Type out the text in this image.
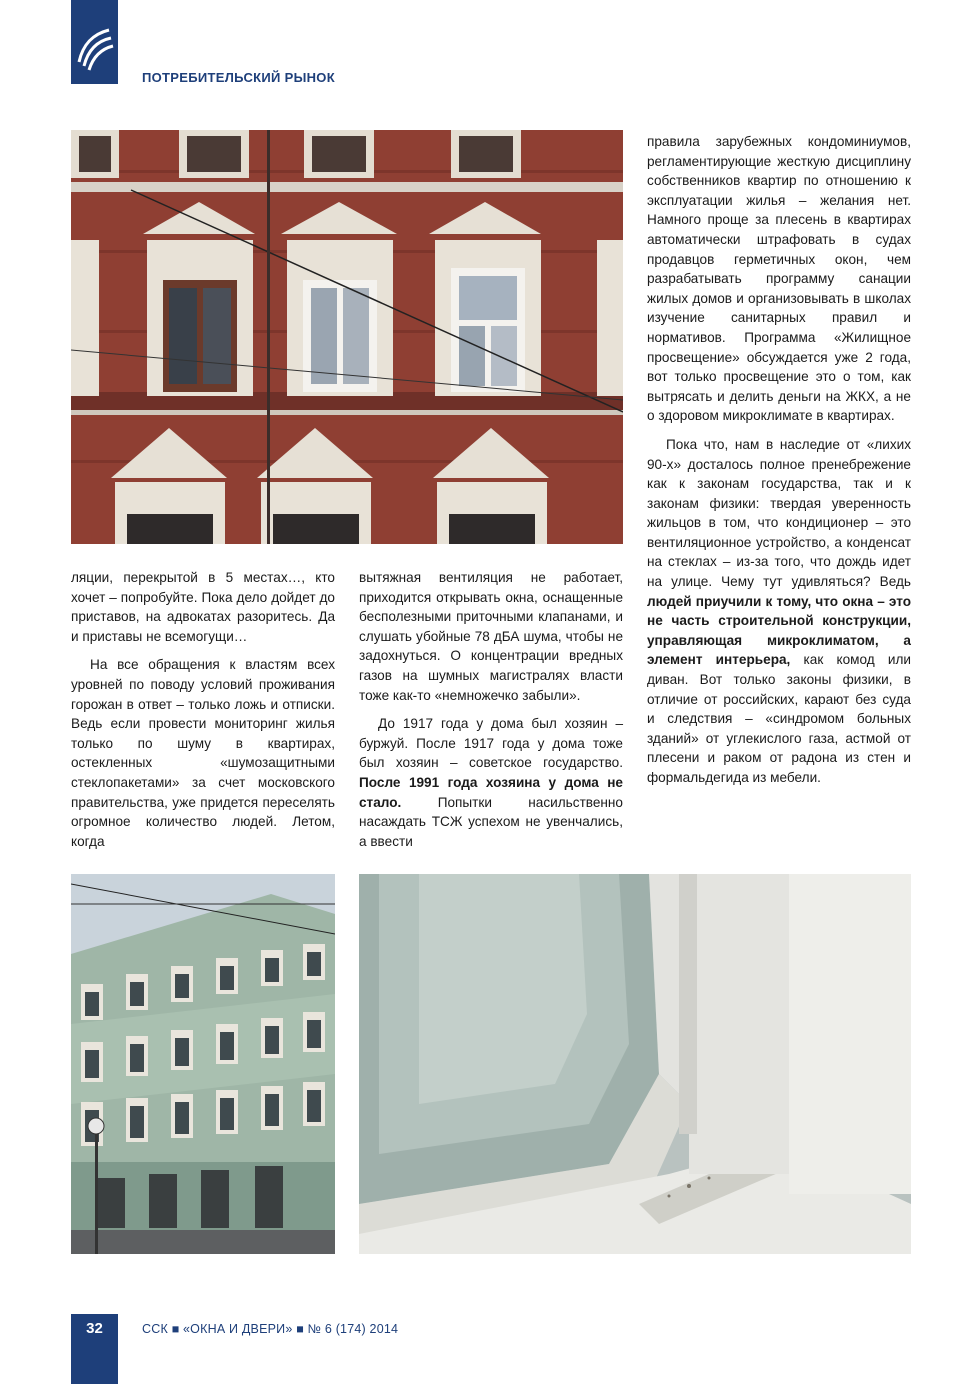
ПОТРЕБИТЕЛЬСКИЙ РЫНОК

правила зарубежных кондоминиумов, регламентирующие жесткую дисциплину собственников квартир по отношению к эксплуатации жилья – желания нет. Намного проще за плесень в квартирах автоматически штрафовать в судах продавцов герметичных окон, чем разрабатывать программу санации жилых домов и организовывать в школах изучение санитарных правил и нормативов. Программа «Жилищное просвещение» обсуждается уже 2 года, вот только просвещение это о том, как вытрясать и делить деньги на ЖКХ, а не о здоровом микроклимате в квартирах.

Пока что, нам в наследие от «лихих 90-х» досталось полное пренебрежение как к законам государства, так и к законам физики: твердая уверенность жильцов в том, что кондиционер – это вентиляционное устройство, а конденсат на стеклах – из-за того, что дождь идет на улице. Чему тут удивляться? Ведь людей приучили к тому, что окна – это не часть строительной конструкции, управляющая микроклиматом, а элемент интерьера, как комод или диван. Вот только законы физики, в отличие от российских, карают без суда и следствия – «синдромом больных зданий» от углекислого газа, астмой от плесени и раком от радона из стен и формальдегида из мебели.

ляции, перекрытой в 5 местах…, кто хочет – попробуйте. Пока дело дойдет до приставов, на адвокатах разоритесь. Да и приставы не всемогущи…

На все обращения к властям всех уровней по поводу условий проживания горожан в ответ – только ложь и отписки. Ведь если провести мониторинг жилья только по шуму в квартирах, остекленных «шумозащитными стеклопакетами» за счет московского правительства, уже придется переселять огромное количество людей. Летом, когда

вытяжная вентиляция не работает, приходится открывать окна, оснащенные бесполезными приточными клапанами, и слушать убойные 78 дБА шума, чтобы не задохнуться. О концентрации вредных газов на шумных магистралях власти тоже как-то «немножечко забыли».

До 1917 года у дома был хозяин – буржуй. После 1917 года у дома тоже был хозяин – советское государство. После 1991 года хозяина у дома не стало.	Попытки насильственно насаждать ТСЖ успехом не увенчались, а ввести

32	ССК ■ «ОКНА И ДВЕРИ» ■ № 6 (174) 2014
